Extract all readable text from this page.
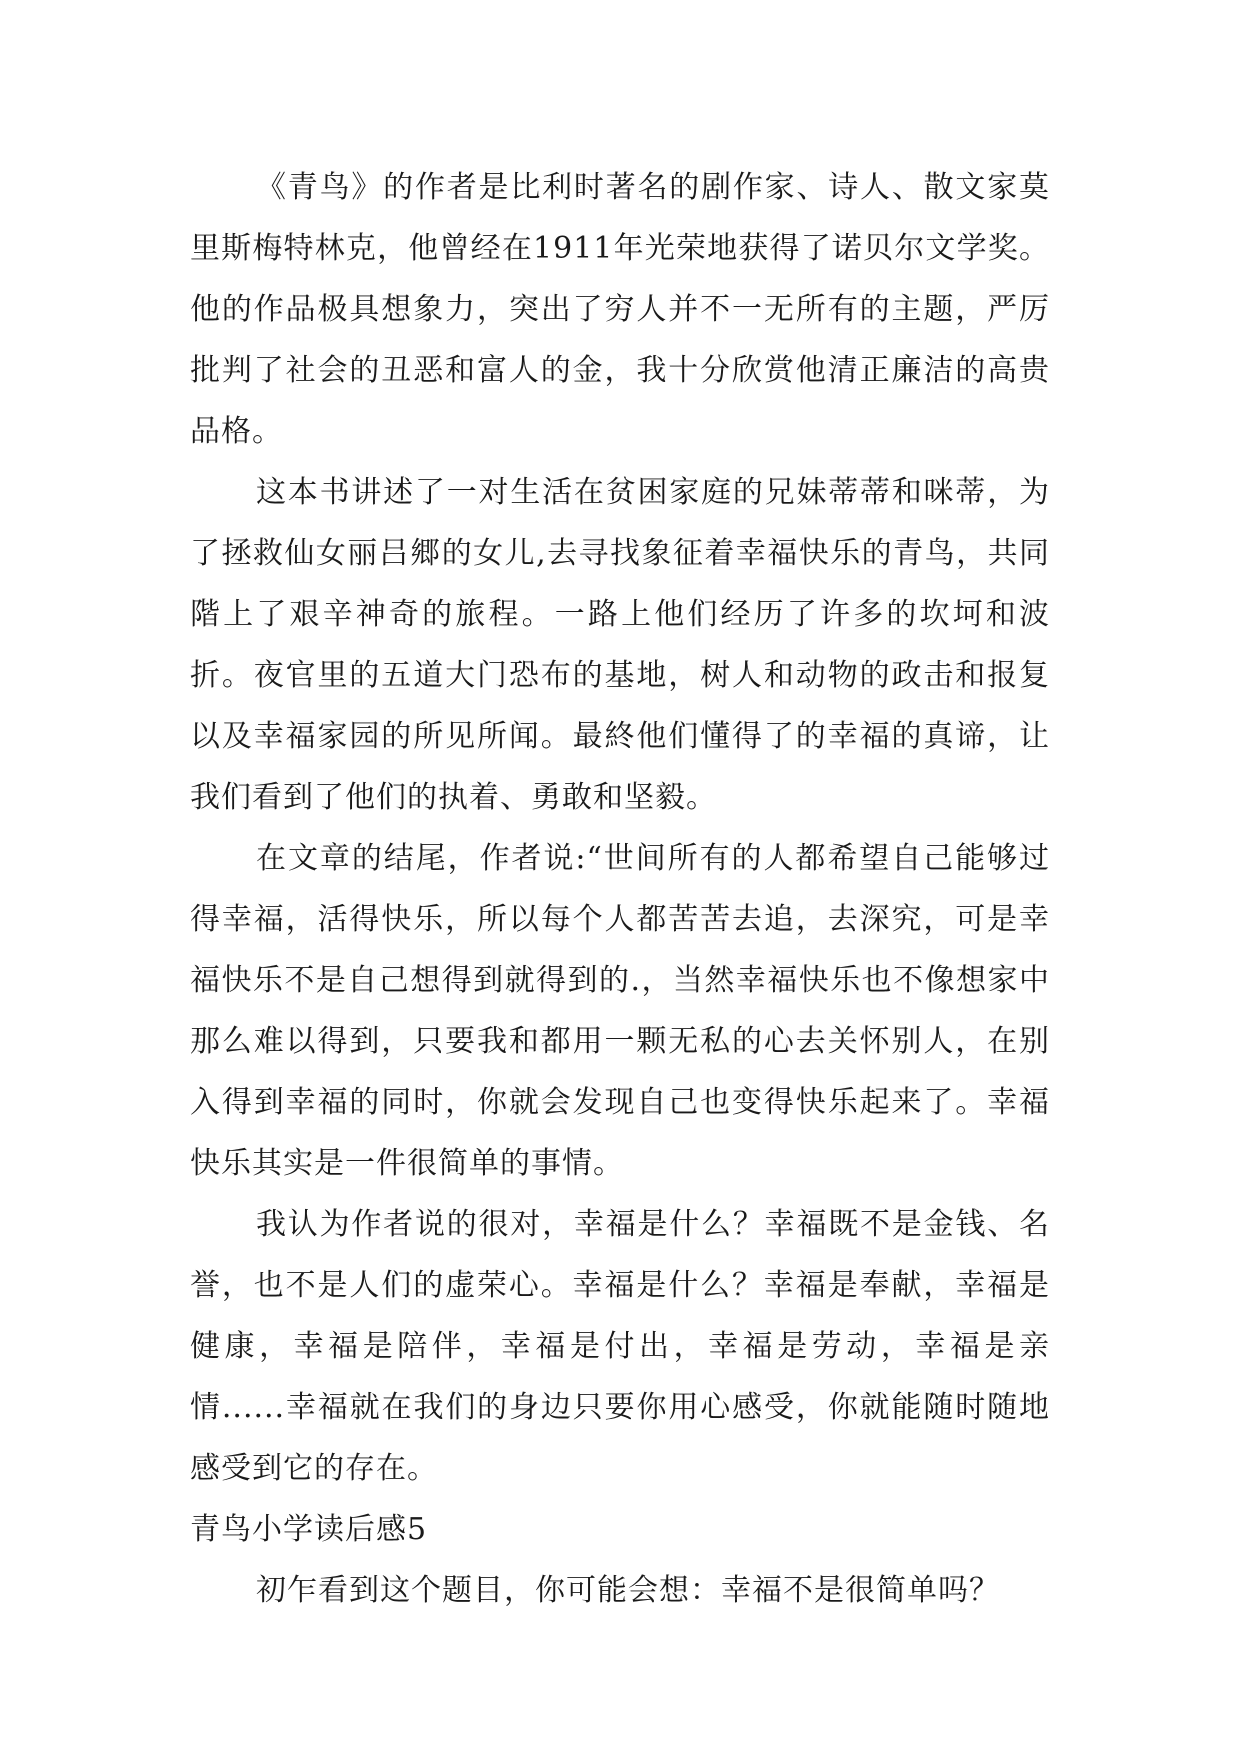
《青鸟》的作者是比利时著名的剧作家、诗人、散文家莫里斯梅特林克，他曾经在1911年光荣地获得了诺贝尔文学奖。他的作品极具想象力，突出了穷人并不一无所有的主题，严厉批判了社会的丑恶和富人的金，我十分欣赏他清正廉洁的高贵品格。

这本书讲述了一对生活在贫困家庭的兄妹蒂蒂和咪蒂，为了拯救仙女丽吕郷的女儿,去寻找象征着幸福快乐的青鸟，共同階上了艰辛神奇的旅程。一路上他们经历了许多的坎坷和波折。夜官里的五道大门恐布的基地，树人和动物的政击和报复以及幸福家园的所见所闻。最終他们懂得了的幸福的真谛，让我们看到了他们的执着、勇敢和坚毅。

在文章的结尾，作者说:“世间所有的人都希望自己能够过得幸福，活得快乐，所以每个人都苦苦去追，去深究，可是幸福快乐不是自己想得到就得到的.，当然幸福快乐也不像想家中那么难以得到，只要我和都用一颗无私的心去关怀别人，在别入得到幸福的同时，你就会发现自己也变得快乐起来了。幸福快乐其实是一件很简单的事情。

我认为作者说的很对，幸福是什么？幸福既不是金钱、名誉，也不是人们的虚荣心。幸福是什么？幸福是奉献，幸福是健康，幸福是陪伴，幸福是付出，幸福是劳动，幸福是亲情......幸福就在我们的身边只要你用心感受，你就能随时随地感受到它的存在。

青鸟小学读后感5

初乍看到这个题目，你可能会想：幸福不是很简单吗？
